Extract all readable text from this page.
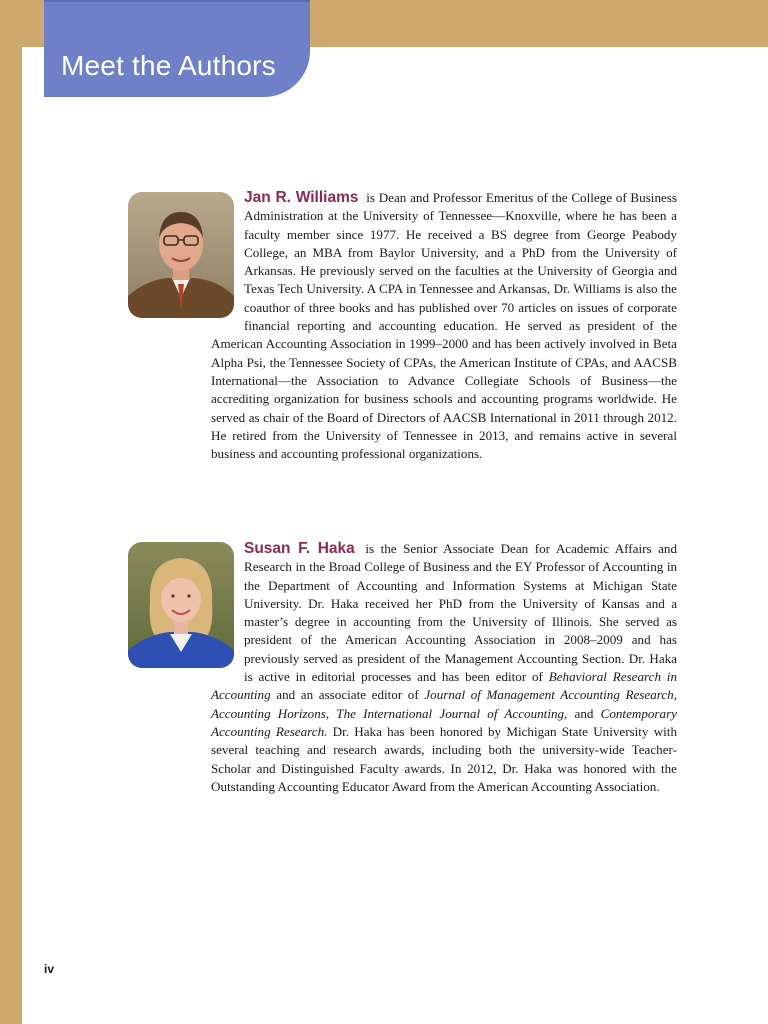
Meet the Authors
Jan R. Williams is Dean and Professor Emeritus of the College of Business Administration at the University of Tennessee—Knoxville, where he has been a faculty member since 1977. He received a BS degree from George Peabody College, an MBA from Baylor University, and a PhD from the University of Arkansas. He previously served on the faculties at the University of Georgia and Texas Tech University. A CPA in Tennessee and Arkansas, Dr. Williams is also the coauthor of three books and has published over 70 articles on issues of corporate financial reporting and accounting education. He served as president of the American Accounting Association in 1999–2000 and has been actively involved in Beta Alpha Psi, the Tennessee Society of CPAs, the American Institute of CPAs, and AACSB International—the Association to Advance Collegiate Schools of Business—the accrediting organization for business schools and accounting programs worldwide. He served as chair of the Board of Directors of AACSB International in 2011 through 2012. He retired from the University of Tennessee in 2013, and remains active in several business and accounting professional organizations.
Susan F. Haka is the Senior Associate Dean for Academic Affairs and Research in the Broad College of Business and the EY Professor of Accounting in the Department of Accounting and Information Systems at Michigan State University. Dr. Haka received her PhD from the University of Kansas and a master’s degree in accounting from the University of Illinois. She served as president of the American Accounting Association in 2008–2009 and has previously served as president of the Management Accounting Section. Dr. Haka is active in editorial processes and has been editor of Behavioral Research in Accounting and an associate editor of Journal of Management Accounting Research, Accounting Horizons, The International Journal of Accounting, and Contemporary Accounting Research. Dr. Haka has been honored by Michigan State University with several teaching and research awards, including both the university-wide Teacher-Scholar and Distinguished Faculty awards. In 2012, Dr. Haka was honored with the Outstanding Accounting Educator Award from the American Accounting Association.
iv
